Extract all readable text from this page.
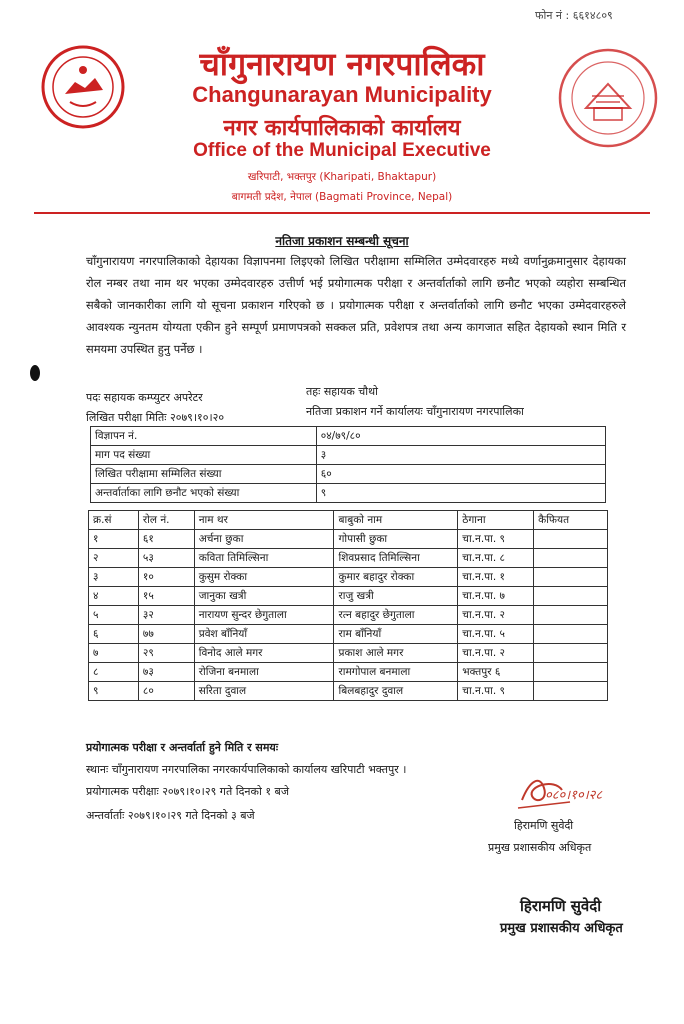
फोन नं : ६६१४८०९
चाँगुनारायण नगरपालिका
Changunarayan Municipality
नगर कार्यपालिकाको कार्यालय
Office of the Municipal Executive
खरिपाटी, भक्तपुर (Kharipati, Bhaktapur)
बागमती प्रदेश, नेपाल (Bagmati Province, Nepal)
नतिजा प्रकाशन सम्बन्धी सूचना
चाँगुनारायण नगरपालिकाको देहायका विज्ञापनमा लिइएको लिखित परीक्षामा सम्मिलित उम्मेदवारहरु मध्ये वर्णानुक्रमानुसार देहायका रोल नम्बर तथा नाम थर भएका उम्मेदवारहरु उत्तीर्ण भई प्रयोगात्मक परीक्षा र अन्तर्वार्ताको लागि छनौट भएको व्यहोरा सम्बन्धित सबैको जानकारीका लागि यो सूचना प्रकाशन गरिएको छ । प्रयोगात्मक परीक्षा र अन्तर्वार्ताको लागि छनौट भएका उम्मेदवारहरुले आवश्यक न्युनतम योग्यता एकीन हुने सम्पूर्ण प्रमाणपत्रको सक्कल प्रति, प्रवेशपत्र तथा अन्य कागजात सहित देहायको स्थान मिति र समयमा उपस्थित हुनु पर्नेछ ।
पदः सहायक कम्प्युटर अपरेटर	तहः सहायक चौथो
लिखित परीक्षा मितिः २०७९।१०।२०	नतिजा प्रकाशन गर्ने कार्यालयः चाँगुनारायण नगरपालिका
विज्ञापन नं.	०४/७९/८०
माग पद संख्या	३
लिखित परीक्षामा सम्मिलित संख्या	६०
अन्तर्वार्ताका लागि छनौट भएको संख्या	९
क्र.सं	रोल नं.	नाम थर	बाबुको नाम	ठेगाना	कैफियत
१	६१	अर्चना छुका	गोपासी छुका	चा.न.पा. ९	
२	५३	कविता तिमिल्सिना	शिवप्रसाद तिमिल्सिना	चा.न.पा. ८	
३	१०	कुसुम रोक्का	कुमार बहादुर रोक्का	चा.न.पा. १	
४	१५	जानुका खत्री	राजु खत्री	चा.न.पा. ७	
५	३२	नारायण सुन्दर छेगुताला	रत्न बहादुर छेगुताला	चा.न.पा. २	
६	७७	प्रवेश बाँनियाँ	राम बाँनियाँ	चा.न.पा. ५	
७	२९	विनोद आले मगर	प्रकाश आले मगर	चा.न.पा. २	
८	७३	रोजिना बनमाला	रामगोपाल बनमाला	भक्तपुर ६	
९	८०	सरिता दुवाल	बिलबहादुर दुवाल	चा.न.पा. ९	
प्रयोगात्मक परीक्षा र अन्तर्वार्ता हुने मिति र समयः
स्थानः चाँगुनारायण नगरपालिका नगरकार्यपालिकाको कार्यालय खरिपाटी भक्तपुर ।
प्रयोगात्मक परीक्षाः २०७९।१०।२९ गते दिनको १ बजे
अन्तर्वार्ताः २०७९।१०।२९ गते दिनको ३ बजे
०८०।१०।२८
हिरामणि सुवेदी
प्रमुख प्रशासकीय अधिकृत
हिरामणि सुवेदी
प्रमुख प्रशासकीय अधिकृत
